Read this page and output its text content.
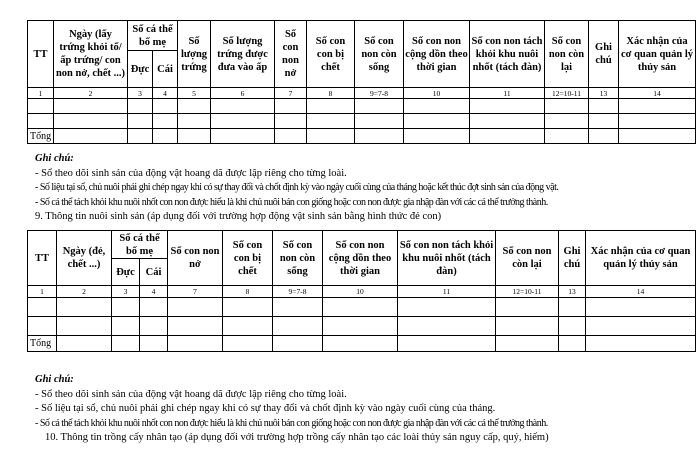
TT	Ngày (lấy trứng khỏi tổ/ ấp trứng/ con non nở, chết ...)	Số cá thể bố mẹ		Số lượng trứng	Số lượng trứng được đưa vào ấp	Số con non nở	Số con con bị chết	Số con non còn sống	Số con non cộng dồn theo thời gian	Số con non tách khỏi khu nuôi nhốt (tách đàn)	Số con non còn lại	Ghi chú	Xác nhận của cơ quan quản lý thủy sản
		Đực	Cái										
1	2	3	4	5	6	7	8	9=7-8	10	11	12=10-11	13	14

Tổng													
Ghi chú:
- Sổ theo dõi sinh sản của động vật hoang dã được lập riêng cho từng loài.
- Số liệu tại sổ, chủ nuôi phải ghi chép ngay khi có sự thay đổi và chốt định kỳ vào ngày cuối cùng của tháng hoặc kết thúc đợt sinh sản của động vật.
- Số cá thể tách khỏi khu nuôi nhốt con non được hiểu là khi chủ nuôi bán con giống hoặc con non được gia nhập đàn với các cá thể trưởng thành.
9. Thông tin nuôi sinh sản (áp dụng đối với trường hợp động vật sinh sản bằng hình thức đẻ con)
TT	Ngày (đẻ, chết ...)	Số cá thể bố mẹ		Số con non nở	Số con con bị chết	Số con non còn sống	Số con non cộng dồn theo thời gian	Số con non tách khỏi khu nuôi nhốt (tách đàn)	Số con non còn lại	Ghi chú	Xác nhận của cơ quan quản lý thủy sản
		Đực	Cái								
1	2	3	4	7	8	9=7-8	10	11	12=10-11	13	14

Tổng											
Ghi chú:
- Sổ theo dõi sinh sản của động vật hoang dã được lập riêng cho từng loài.
- Số liệu tại sổ, chủ nuôi phải ghi chép ngay khi có sự thay đổi và chốt định kỳ vào ngày cuối cùng của tháng.
- Số cá thể tách khỏi khu nuôi nhốt con non được hiểu là khi chủ nuôi bán con giống hoặc con non được gia nhập đàn với các cá thể trưởng thành.
10. Thông tin trồng cấy nhân tạo (áp dụng đối với trường hợp trồng cấy nhân tạo các loài thủy sản nguy cấp, quý, hiếm)
